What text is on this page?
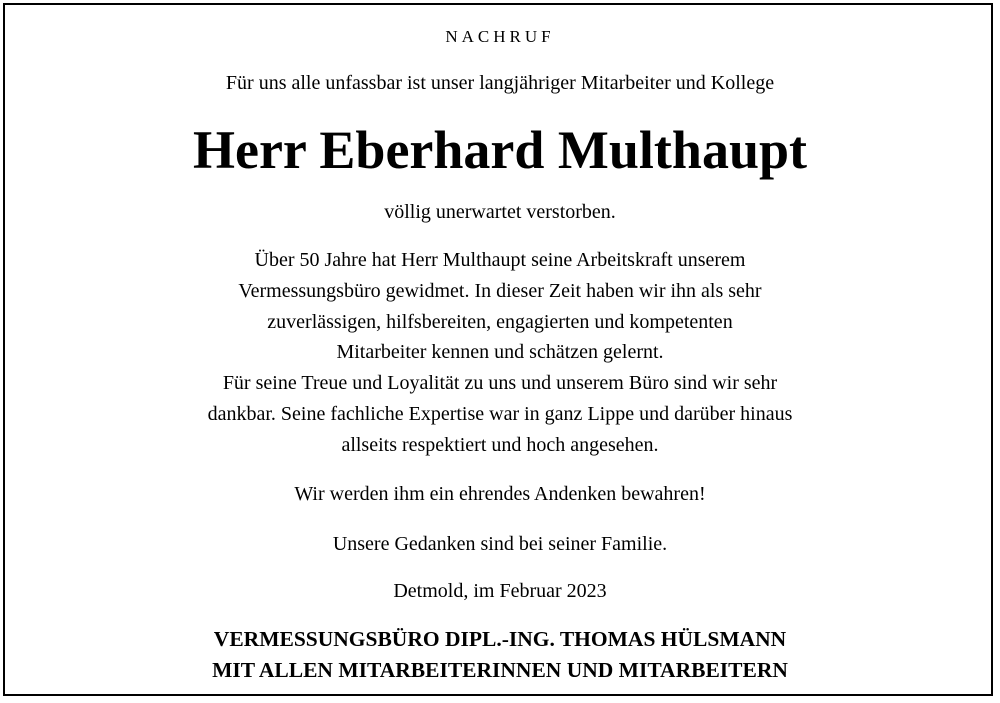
NACHRUF
Für uns alle unfassbar ist unser langjähriger Mitarbeiter und Kollege
Herr Eberhard Multhaupt
völlig unerwartet verstorben.
Über 50 Jahre hat Herr Multhaupt seine Arbeitskraft unserem
Vermessungsbüro gewidmet. In dieser Zeit haben wir ihn als sehr
zuverlässigen, hilfsbereiten, engagierten und kompetenten
Mitarbeiter kennen und schätzen gelernt.
Für seine Treue und Loyalität zu uns und unserem Büro sind wir sehr
dankbar. Seine fachliche Expertise war in ganz Lippe und darüber hinaus
allseits respektiert und hoch angesehen.
Wir werden ihm ein ehrendes Andenken bewahren!
Unsere Gedanken sind bei seiner Familie.
Detmold, im Februar 2023
VERMESSUNGSBÜRO DIPL.-ING. THOMAS HÜLSMANN
MIT ALLEN MITARBEITERINNEN UND MITARBEITERN
